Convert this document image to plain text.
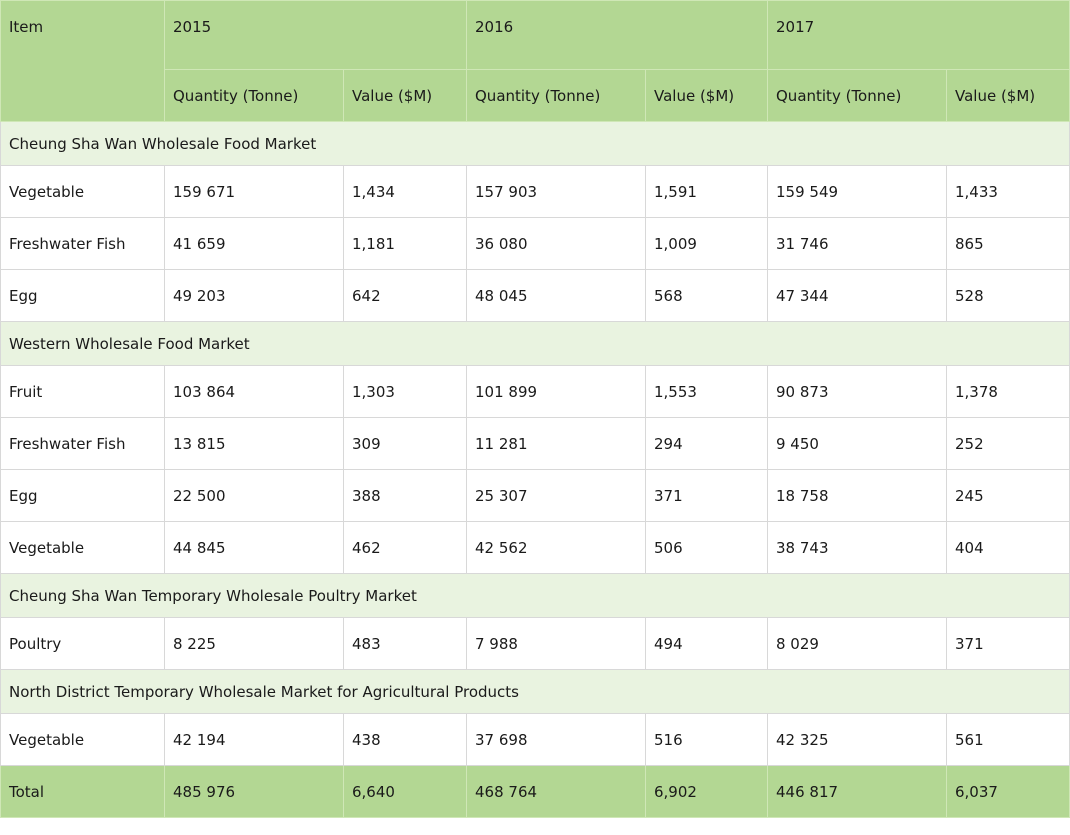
Item	2015		2016		2017	
	Quantity (Tonne)	Value ($M)	Quantity (Tonne)	Value ($M)	Quantity (Tonne)	Value ($M)
Cheung Sha Wan Wholesale Food Market						
Vegetable	159 671	1,434	157 903	1,591	159 549	1,433
Freshwater Fish	41 659	1,181	36 080	1,009	31 746	865
Egg	49 203	642	48 045	568	47 344	528
Western Wholesale Food Market						
Fruit	103 864	1,303	101 899	1,553	90 873	1,378
Freshwater Fish	13 815	309	11 281	294	9 450	252
Egg	22 500	388	25 307	371	18 758	245
Vegetable	44 845	462	42 562	506	38 743	404
Cheung Sha Wan Temporary Wholesale Poultry Market						
Poultry	8 225	483	7 988	494	8 029	371
North District Temporary Wholesale Market for Agricultural Products						
Vegetable	42 194	438	37 698	516	42 325	561
Total	485 976	6,640	468 764	6,902	446 817	6,037
